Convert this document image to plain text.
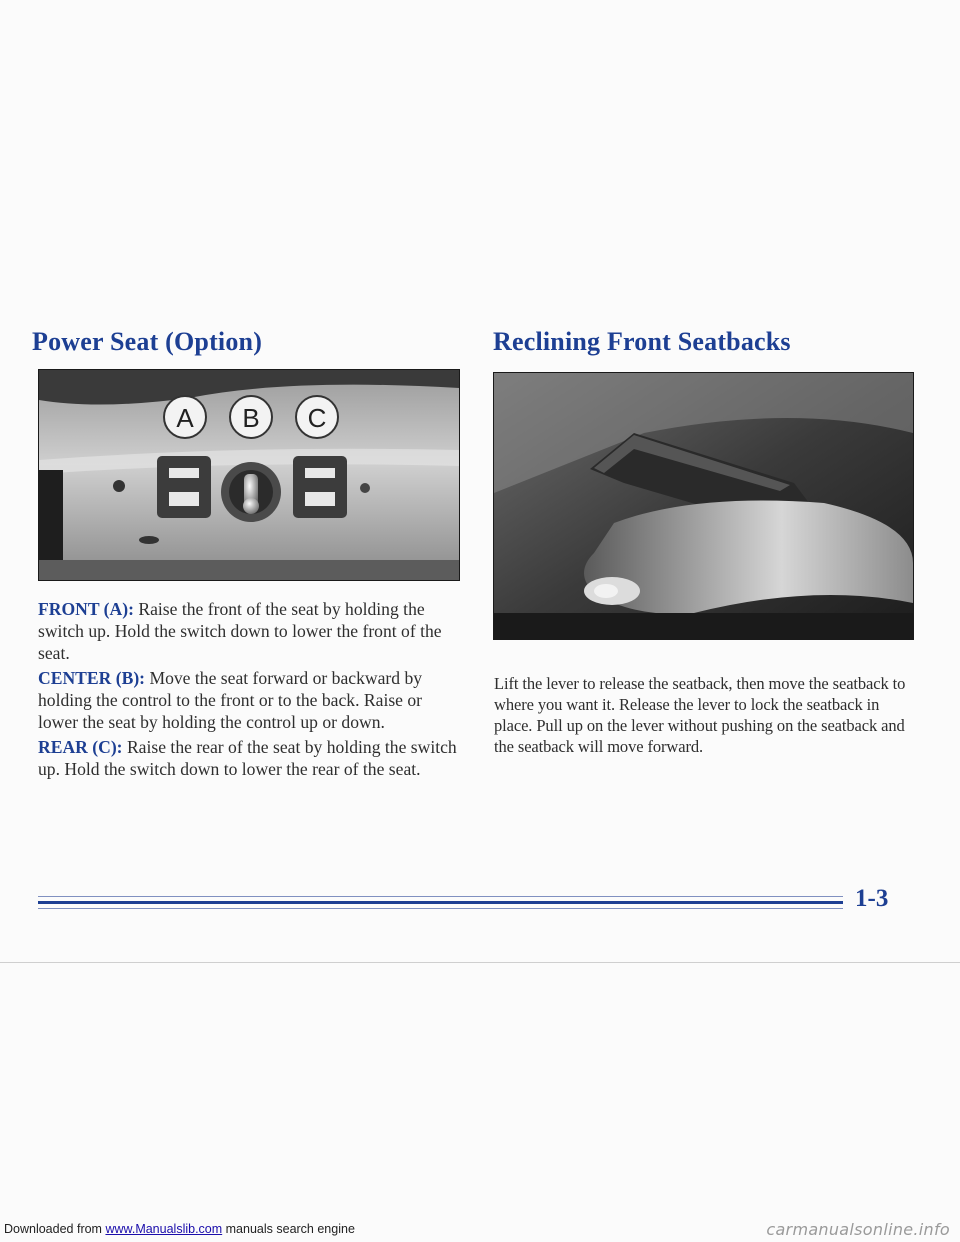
Power Seat (Option)	Reclining Front Seatbacks
A B C

FRONT (A): Raise the front of the seat by holding the switch up. Hold the switch down to lower the front of the seat.

CENTER (B): Move the seat forward or backward by holding the control to the front or to the back. Raise or lower the seat by holding the control up or down.

REAR (C): Raise the rear of the seat by holding the switch up. Hold the switch down to lower the rear of the seat.

Lift the lever to release the seatback, then move the seatback to where you want it. Release the lever to lock the seatback in place. Pull up on the lever without pushing on the seatback and the seatback will move forward.

1-3

Downloaded from www.Manualslib.com manuals search engine	carmanualsonline.info
